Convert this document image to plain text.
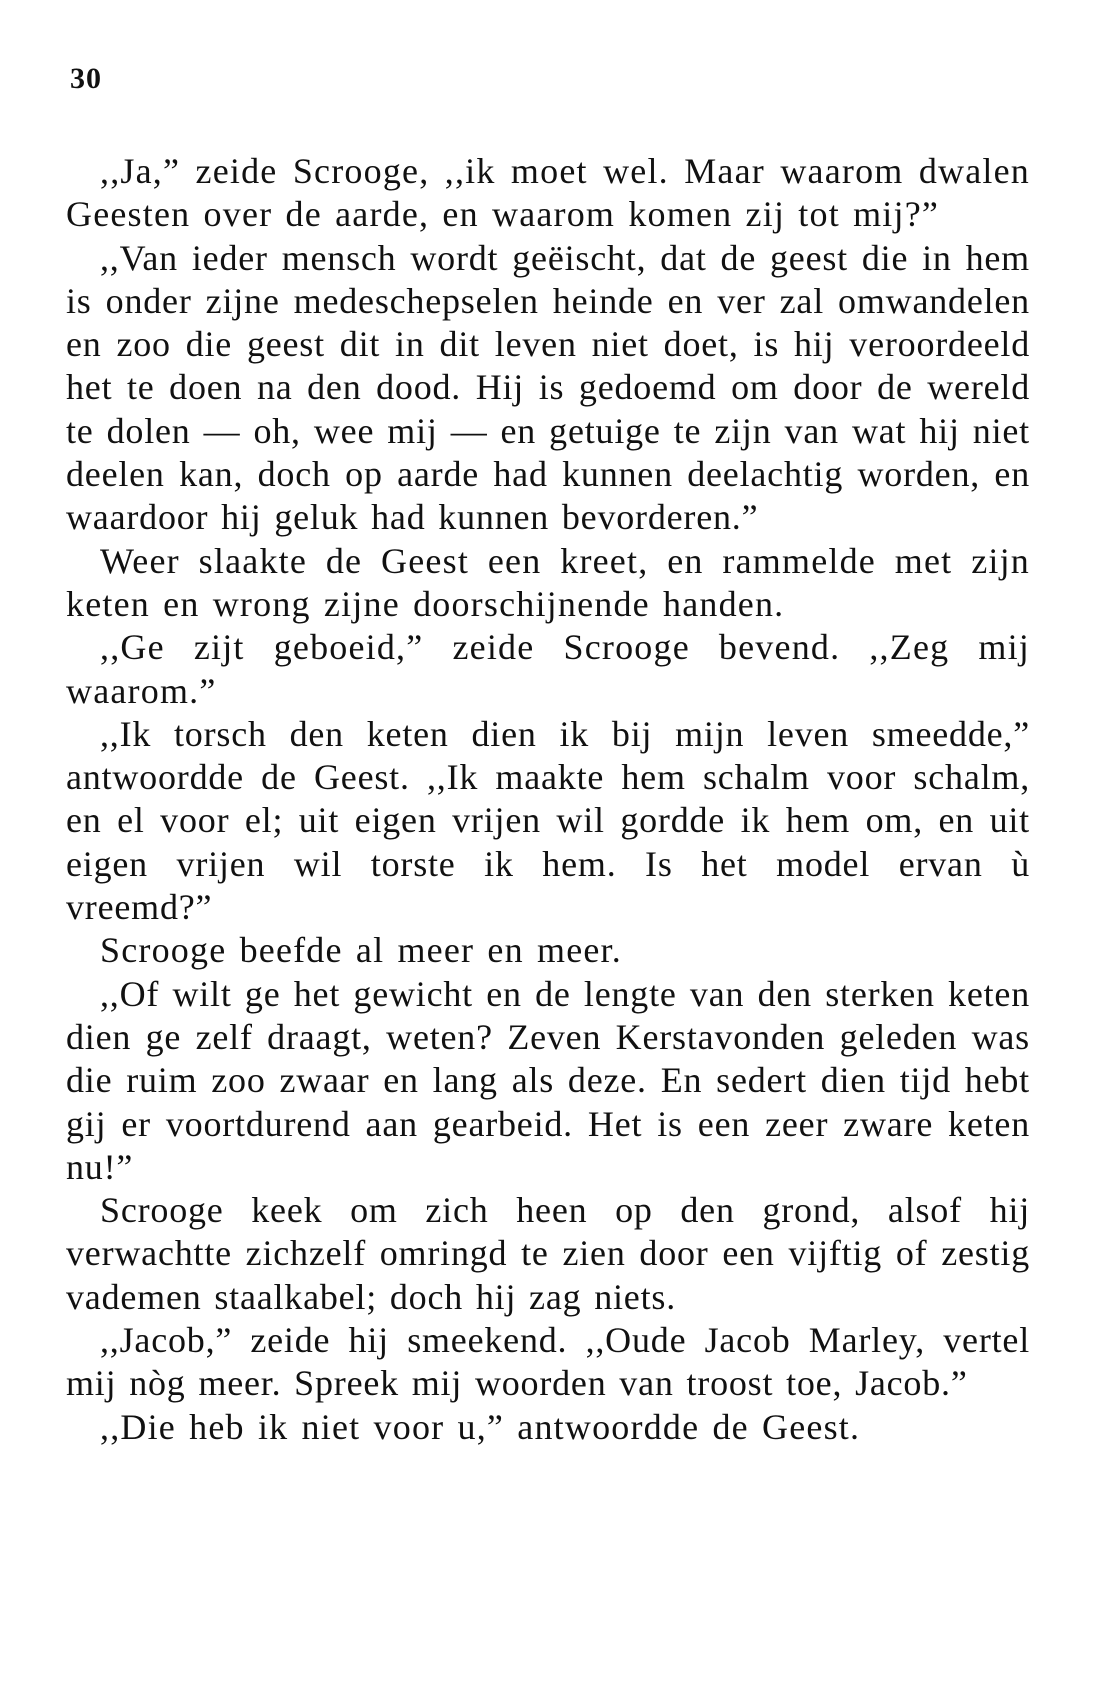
30

,,Ja,” zeide Scrooge, ,,ik moet wel. Maar waarom dwalen Geesten over de aarde, en waarom komen zij tot mij?”

,,Van ieder mensch wordt geëischt, dat de geest die in hem is onder zijne medeschepselen heinde en ver zal omwandelen en zoo die geest dit in dit leven niet doet, is hij veroordeeld het te doen na den dood. Hij is gedoemd om door de wereld te dolen — oh, wee mij — en getuige te zijn van wat hij niet deelen kan, doch op aarde had kunnen deelachtig worden, en waardoor hij geluk had kunnen bevorderen.”

Weer slaakte de Geest een kreet, en rammelde met zijn keten en wrong zijne doorschijnende handen.

,,Ge zijt geboeid,” zeide Scrooge bevend. ,,Zeg mij waarom.”

,,Ik torsch den keten dien ik bij mijn leven smeedde,” antwoordde de Geest. ,,Ik maakte hem schalm voor schalm, en el voor el; uit eigen vrijen wil gordde ik hem om, en uit eigen vrijen wil torste ik hem. Is het model ervan ù vreemd?”

Scrooge beefde al meer en meer.

,,Of wilt ge het gewicht en de lengte van den sterken keten dien ge zelf draagt, weten? Zeven Kerstavonden geleden was die ruim zoo zwaar en lang als deze. En sedert dien tijd hebt gij er voortdurend aan gearbeid. Het is een zeer zware keten nu!”

Scrooge keek om zich heen op den grond, alsof hij verwachtte zichzelf omringd te zien door een vijftig of zestig vademen staalkabel; doch hij zag niets.

,,Jacob,” zeide hij smeekend. ,,Oude Jacob Marley, vertel mij nòg meer. Spreek mij woorden van troost toe, Jacob.”

,,Die heb ik niet voor u,” antwoordde de Geest.
